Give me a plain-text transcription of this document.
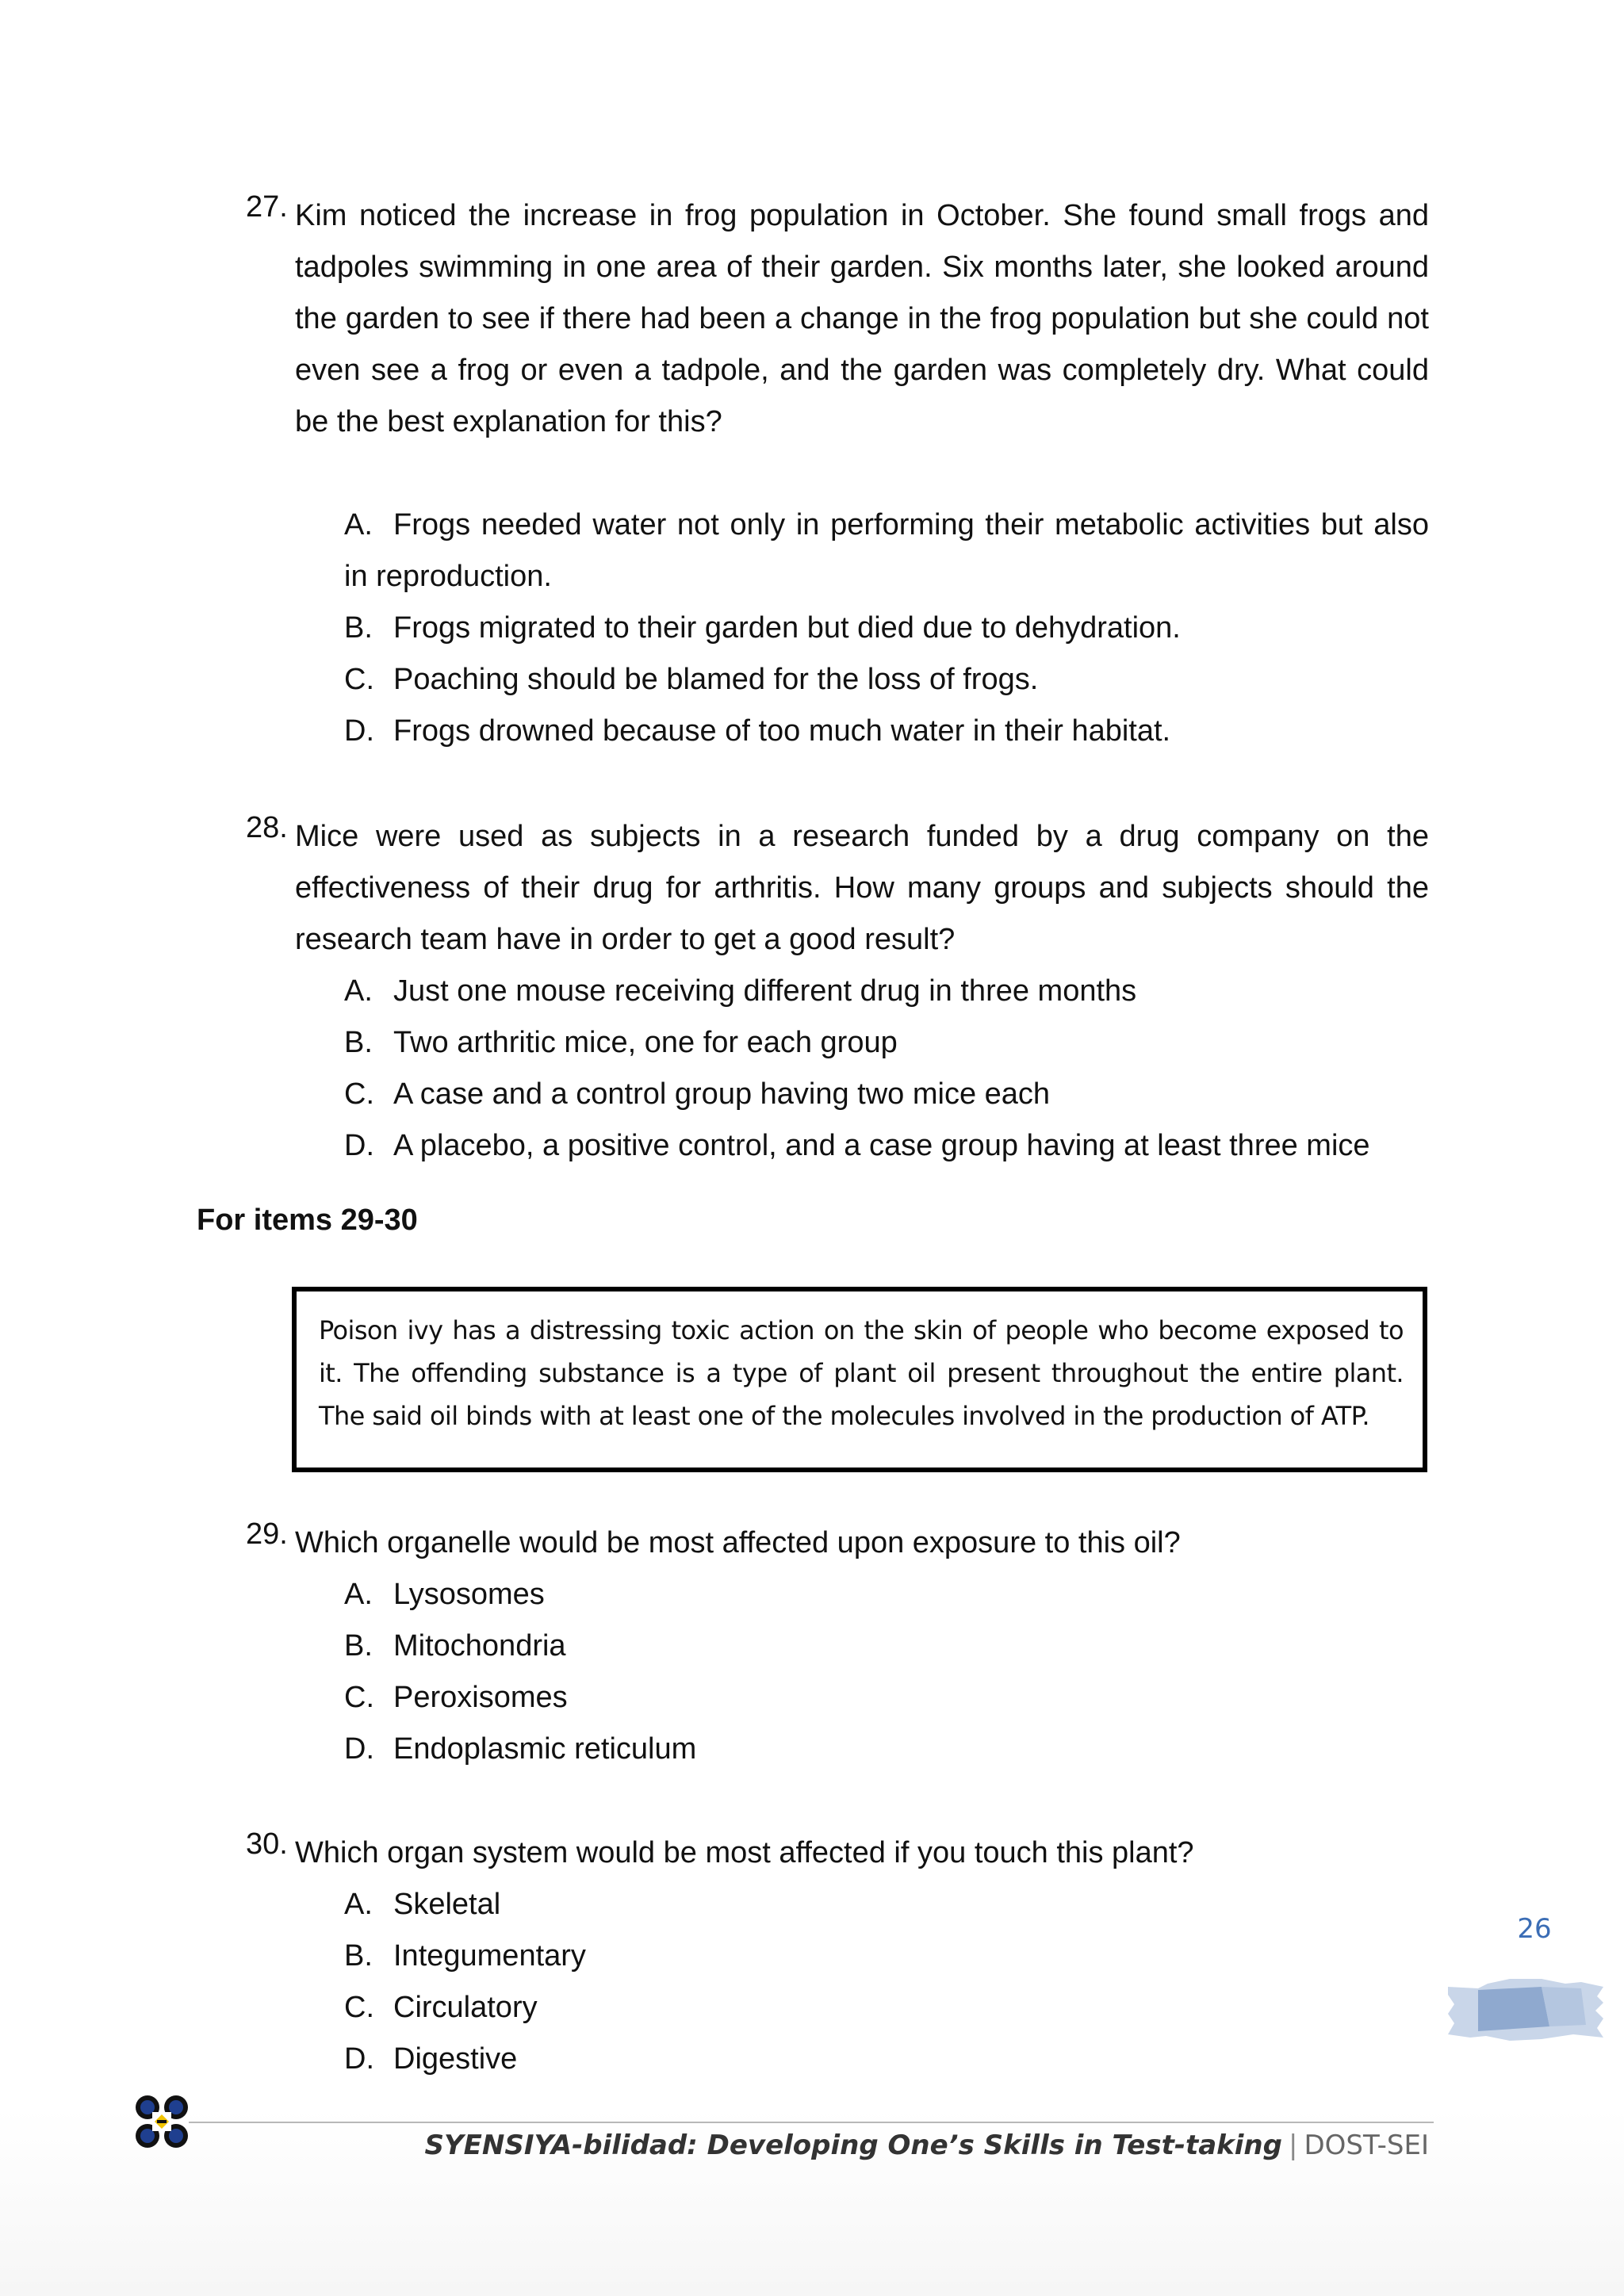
27. Kim noticed the increase in frog population in October. She found small frogs and tadpoles swimming in one area of their garden. Six months later, she looked around the garden to see if there had been a change in the frog population but she could not even see a frog or even a tadpole, and the garden was completely dry. What could be the best explanation for this?
A. Frogs needed water not only in performing their metabolic activities but also in reproduction.
B. Frogs migrated to their garden but died due to dehydration.
C. Poaching should be blamed for the loss of frogs.
D. Frogs drowned because of too much water in their habitat.
28. Mice were used as subjects in a research funded by a drug company on the effectiveness of their drug for arthritis. How many groups and subjects should the research team have in order to get a good result?
A. Just one mouse receiving different drug in three months
B. Two arthritic mice, one for each group
C. A case and a control group having two mice each
D. A placebo, a positive control, and a case group having at least three mice
For items 29-30
Poison ivy has a distressing toxic action on the skin of people who become exposed to it. The offending substance is a type of plant oil present throughout the entire plant. The said oil binds with at least one of the molecules involved in the production of ATP.
29. Which organelle would be most affected upon exposure to this oil?
A. Lysosomes
B. Mitochondria
C. Peroxisomes
D. Endoplasmic reticulum
30. Which organ system would be most affected if you touch this plant?
A. Skeletal
B. Integumentary
C. Circulatory
D. Digestive
26
SYENSIYA-bilidad: Developing One’s Skills in Test-taking | DOST-SEI
